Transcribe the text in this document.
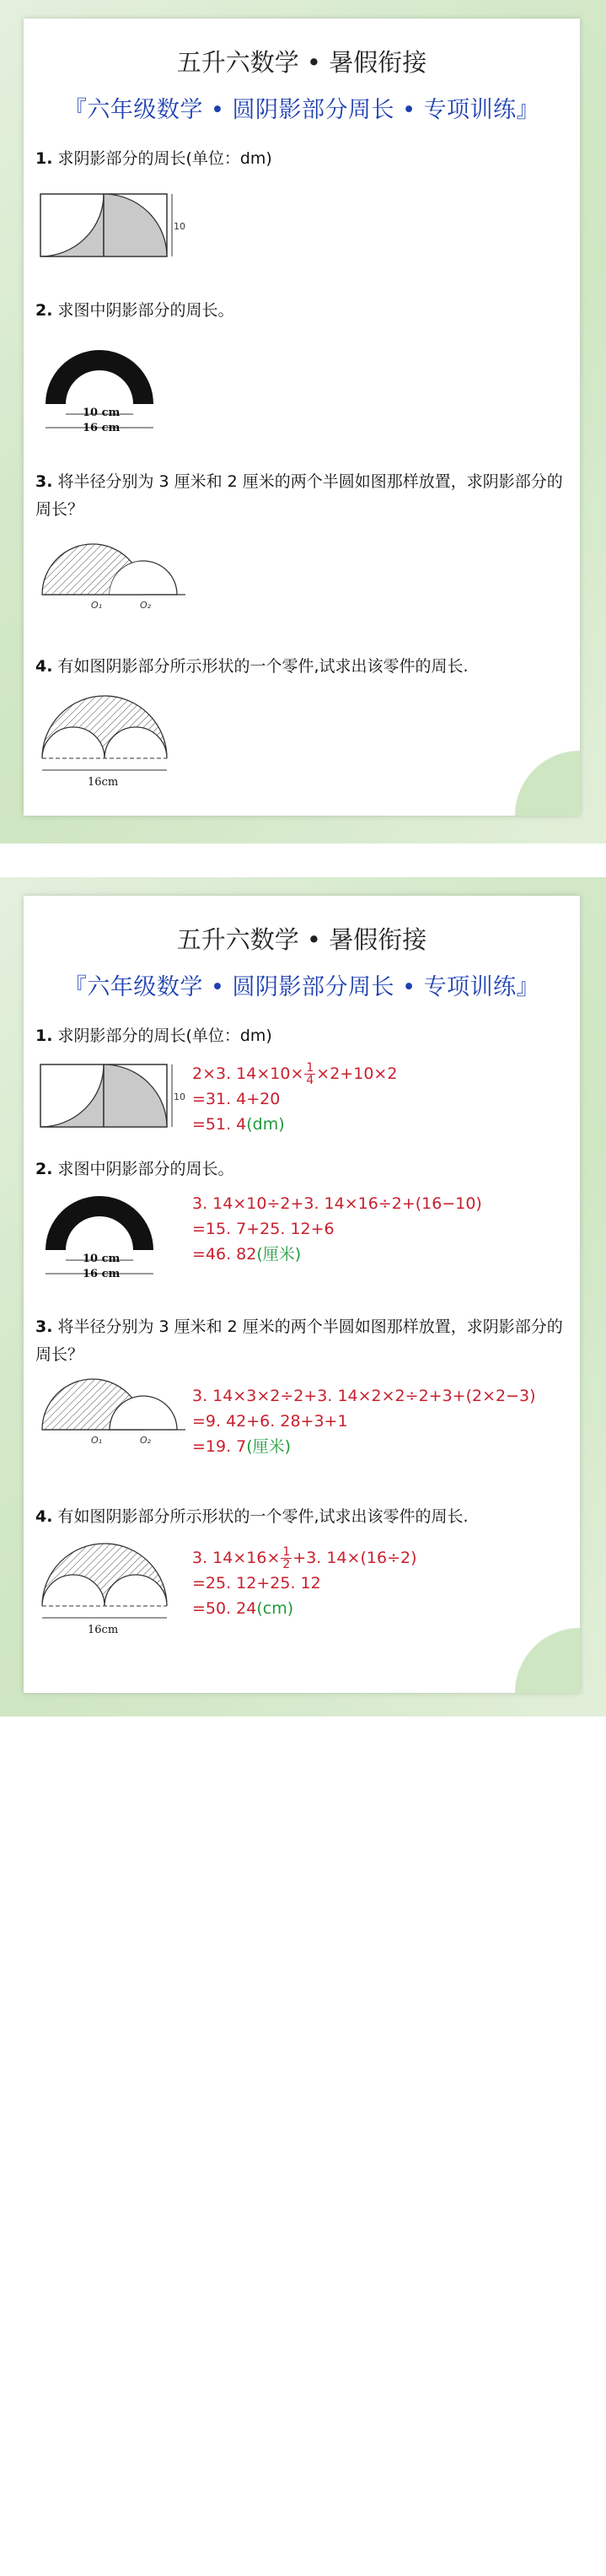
五升六数学 • 暑假衔接
『六年级数学 • 圆阴影部分周长 • 专项训练』
1. 求阴影部分的周长(单位：dm)
10
2. 求图中阴影部分的周长。
10 cm
16 cm
3. 将半径分别为 3 厘米和 2 厘米的两个半圆如图那样放置，求阴影部分的周长？
O₁	O₂
4. 有如图阴影部分所示形状的一个零件,试求出该零件的周长.
16cm
五升六数学 • 暑假衔接
『六年级数学 • 圆阴影部分周长 • 专项训练』
1. 求阴影部分的周长(单位：dm)
10
2×3. $14\times 10\times \frac{1}{4} \times 2+10\times 2$
=31. 4+20
=51. 4(dm)
2. 求图中阴影部分的周长。
10 cm
16 cm
3. 14×10÷2+3. 14×16÷2+(16−10)
=15. 7+25. 12+6
=46. 82(厘米)
3. 将半径分别为 3 厘米和 2 厘米的两个半圆如图那样放置，求阴影部分的周长？
O₁	O₂
3. 14×3×2÷2+3. 14×2×2÷2+3+(2×2−3)
=9. 42+6. 28+3+1
=19. 7(厘米)
4. 有如图阴影部分所示形状的一个零件,试求出该零件的周长.
16cm
3. $14\times 16\times \frac{1}{2} +3$. 14×(16÷2)
=25. 12+25. 12
=50. 24(cm)
